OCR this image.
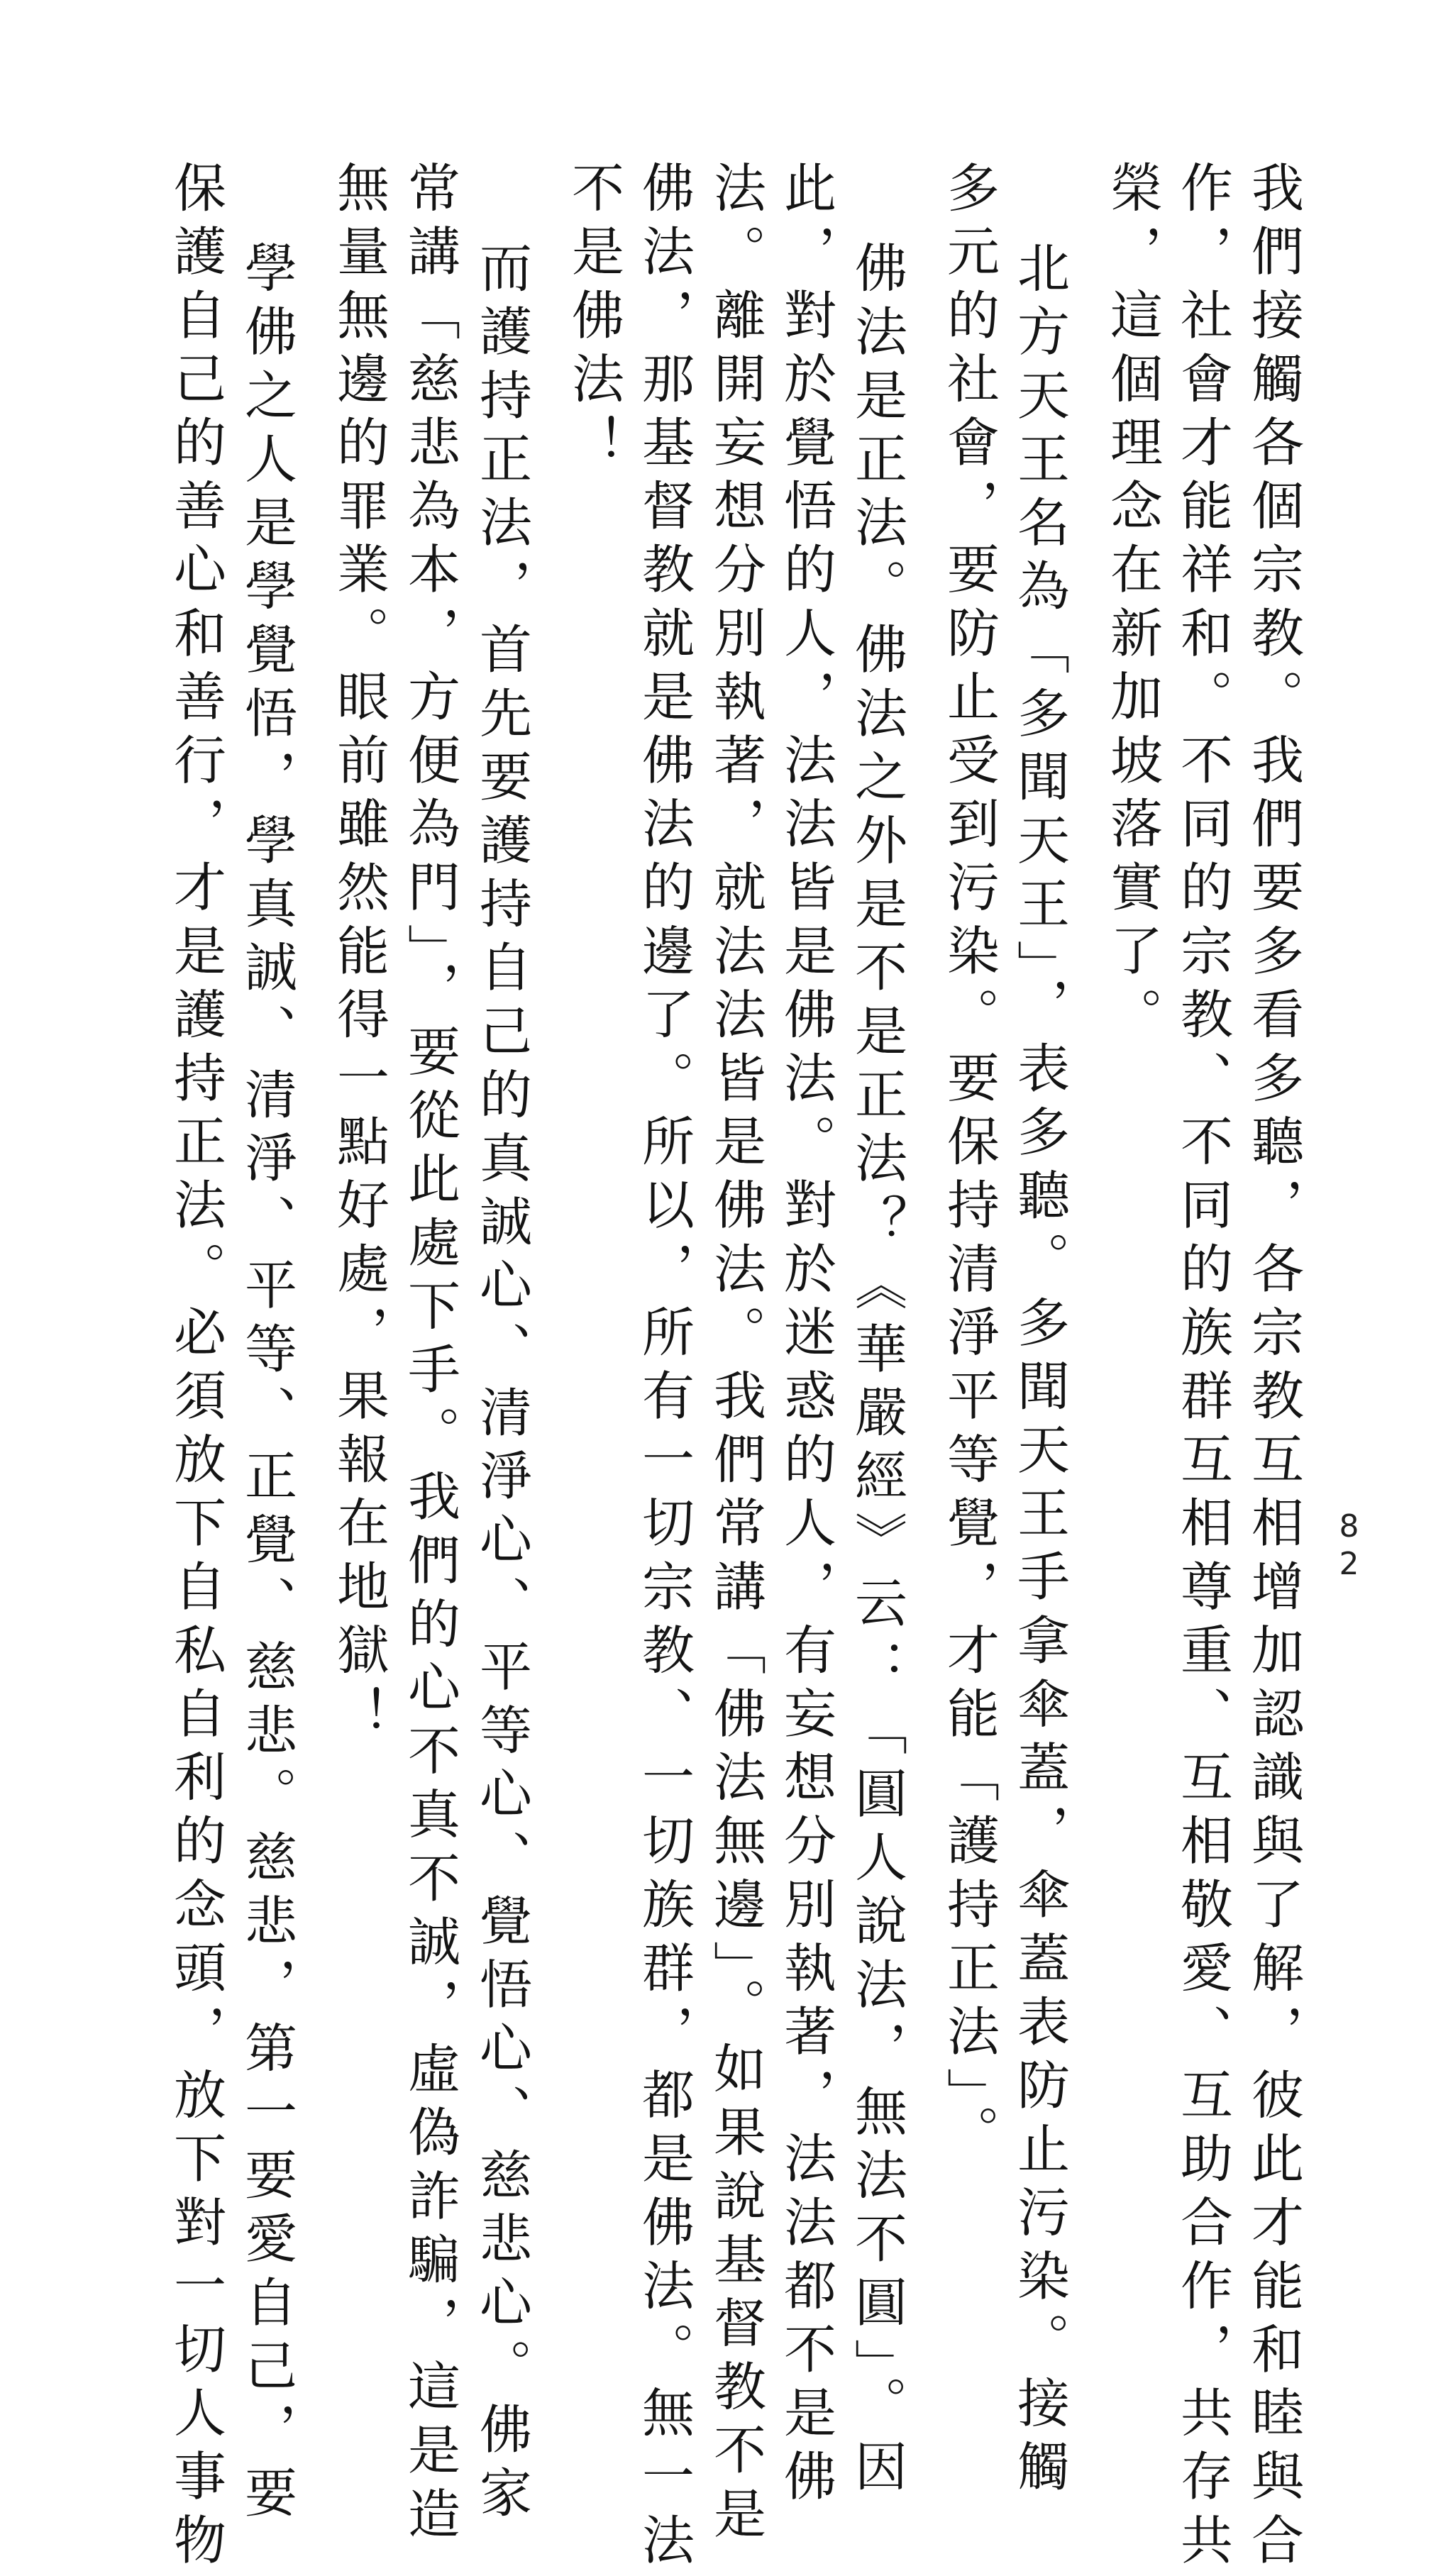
我們接觸各個宗教。我們要多看多聽，各宗教互相增加認識與了解，彼此才能和睦與合
作，社會才能祥和。不同的宗教、不同的族群互相尊重、互相敬愛、互助合作，共存共
榮，這個理念在新加坡落實了。
北方天王名為「多聞天王」，表多聽。多聞天王手拿傘蓋，傘蓋表防止污染。接觸
多元的社會，要防止受到污染。要保持清淨平等覺，才能「護持正法」。
佛法是正法。佛法之外是不是正法？《華嚴經》云：「圓人說法，無法不圓」。因
此，對於覺悟的人，法法皆是佛法。對於迷惑的人，有妄想分別執著，法法都不是佛
法。離開妄想分別執著，就法法皆是佛法。我們常講「佛法無邊」。如果說基督教不是
佛法，那基督教就是佛法的邊了。所以，所有一切宗教、一切族群，都是佛法。無一法
不是佛法！
而護持正法，首先要護持自己的真誠心、清淨心、平等心、覺悟心、慈悲心。佛家
常講「慈悲為本，方便為門」，要從此處下手。我們的心不真不誠，虛偽詐騙，這是造
無量無邊的罪業。眼前雖然能得一點好處，果報在地獄！
學佛之人是學覺悟，學真誠、清淨、平等、正覺、慈悲。慈悲，第一要愛自己，要
保護自己的善心和善行，才是護持正法。必須放下自私自利的念頭，放下對一切人事物	82
